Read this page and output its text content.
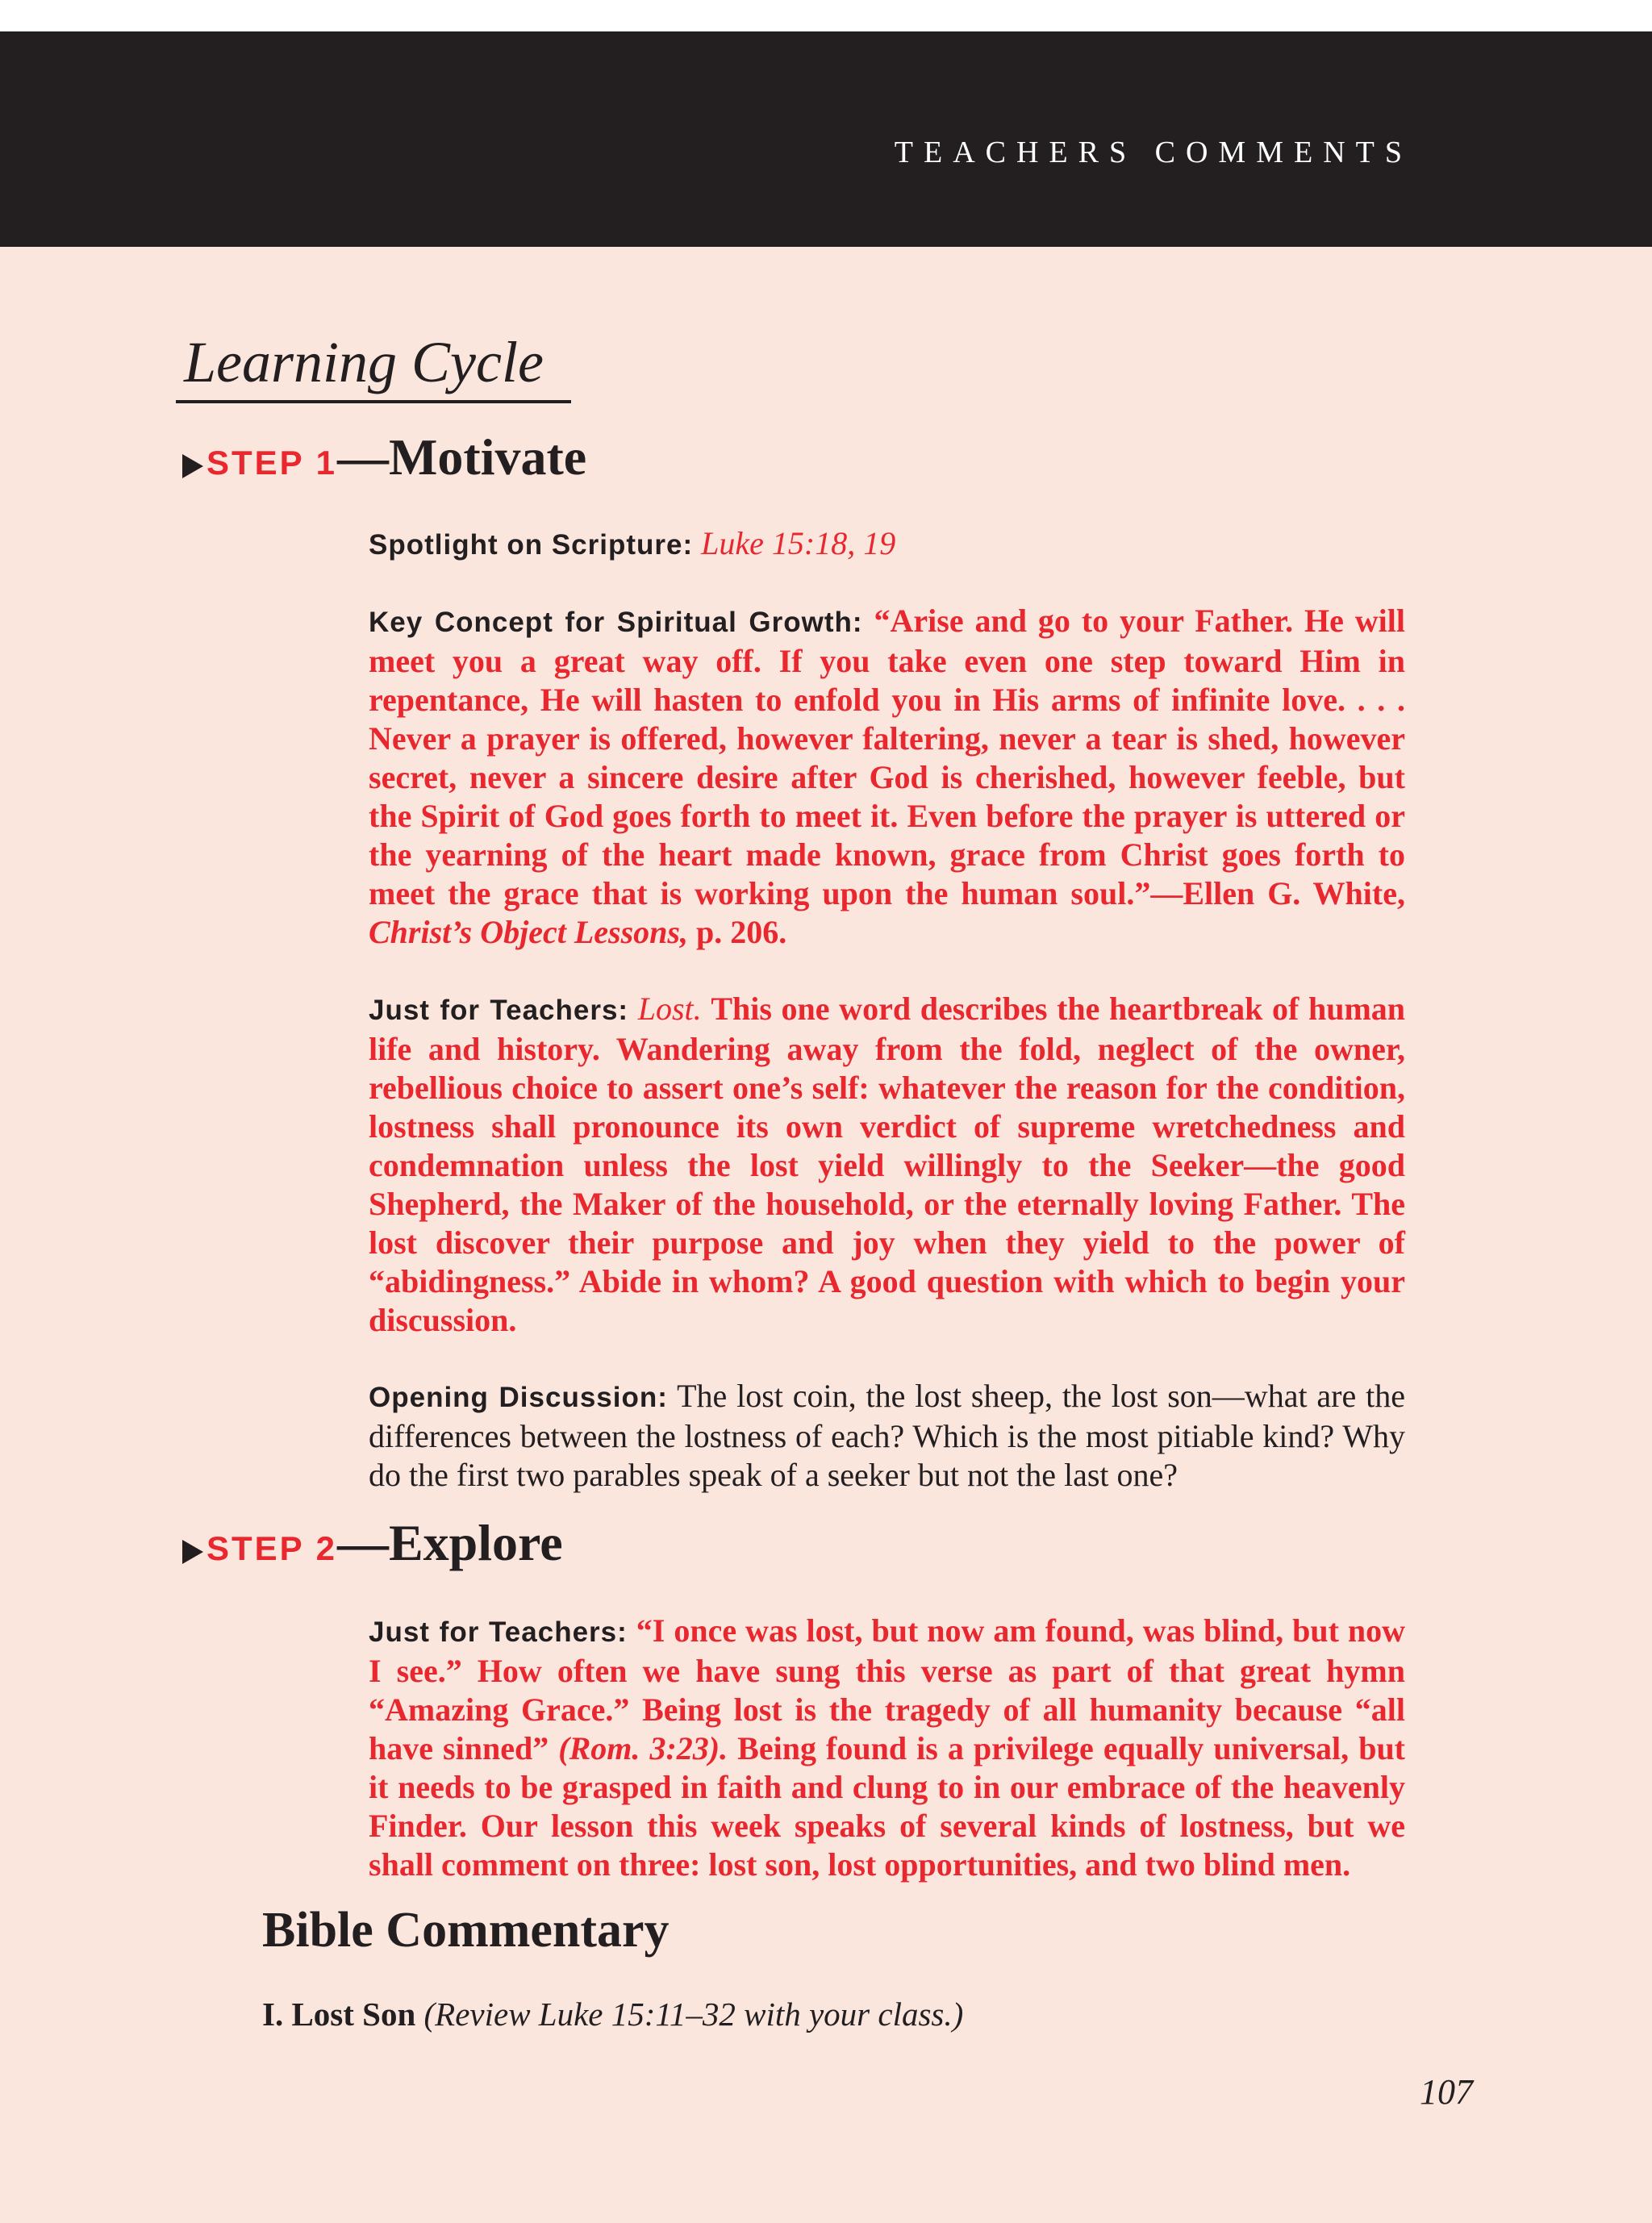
TEACHERS COMMENTS
Learning Cycle
STEP 1—Motivate
Spotlight on Scripture: Luke 15:18, 19
Key Concept for Spiritual Growth: “Arise and go to your Father. He will meet you a great way off. If you take even one step toward Him in repentance, He will hasten to enfold you in His arms of infinite love. . . . Never a prayer is offered, however faltering, never a tear is shed, however secret, never a sincere desire after God is cherished, however feeble, but the Spirit of God goes forth to meet it. Even before the prayer is uttered or the yearning of the heart made known, grace from Christ goes forth to meet the grace that is working upon the human soul.”—Ellen G. White, Christ’s Object Lessons, p. 206.
Just for Teachers: Lost. This one word describes the heartbreak of human life and history. Wandering away from the fold, neglect of the owner, rebellious choice to assert one’s self: whatever the reason for the condition, lostness shall pronounce its own verdict of supreme wretchedness and condemnation unless the lost yield willingly to the Seeker—the good Shepherd, the Maker of the household, or the eternally loving Father. The lost discover their purpose and joy when they yield to the power of “abidingness.” Abide in whom? A good question with which to begin your discussion.
Opening Discussion: The lost coin, the lost sheep, the lost son—what are the differences between the lostness of each? Which is the most pitiable kind? Why do the first two parables speak of a seeker but not the last one?
STEP 2—Explore
Just for Teachers: “I once was lost, but now am found, was blind, but now I see.” How often we have sung this verse as part of that great hymn “Amazing Grace.” Being lost is the tragedy of all humanity because “all have sinned” (Rom. 3:23). Being found is a privilege equally universal, but it needs to be grasped in faith and clung to in our embrace of the heavenly Finder. Our lesson this week speaks of several kinds of lostness, but we shall comment on three: lost son, lost opportunities, and two blind men.
Bible Commentary
I. Lost Son (Review Luke 15:11–32 with your class.)
107
